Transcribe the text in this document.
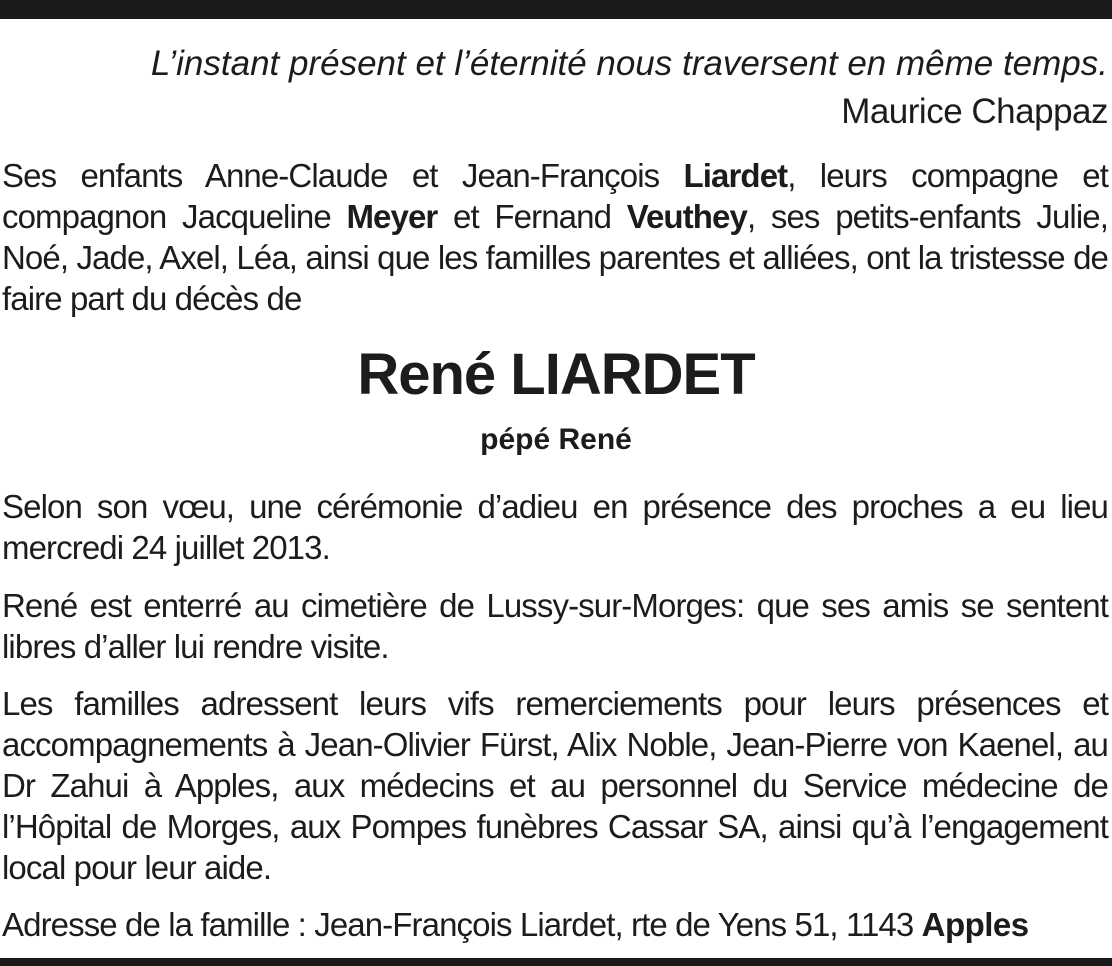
L’instant présent et l’éternité nous traversent en même temps.
Maurice Chappaz
Ses enfants Anne-Claude et Jean-François Liardet, leurs compagne et compagnon Jacqueline Meyer et Fernand Veuthey, ses petits-enfants Julie, Noé, Jade, Axel, Léa, ainsi que les familles parentes et alliées, ont la tristesse de faire part du décès de
René LIARDET
pépé René
Selon son vœu, une cérémonie d’adieu en présence des proches a eu lieu mercredi 24 juillet 2013.
René est enterré au cimetière de Lussy-sur-Morges: que ses amis se sentent libres d’aller lui rendre visite.
Les familles adressent leurs vifs remerciements pour leurs présences et accompagnements à Jean-Olivier Fürst, Alix Noble, Jean-Pierre von Kaenel, au Dr Zahui à Apples, aux médecins et au personnel du Service médecine de l’Hôpital de Morges, aux Pompes funèbres Cassar SA, ainsi qu’à l’engagement local pour leur aide.
Adresse de la famille : Jean-François Liardet, rte de Yens 51, 1143 Apples
